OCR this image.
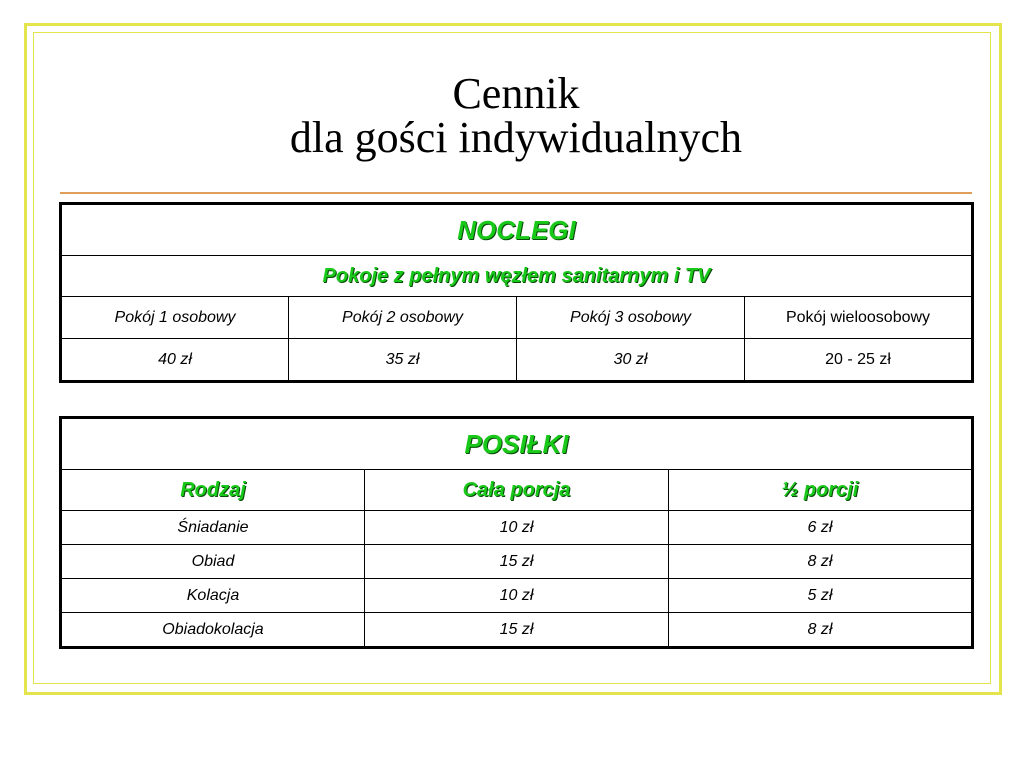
Cennik
dla gości indywidualnych
NOCLEGI			
Pokoje z pełnym węzłem sanitarnym i TV			
Pokój 1 osobowy	Pokój 2 osobowy	Pokój 3 osobowy	Pokój wieloosobowy
40 zł	35 zł	30 zł	20 - 25 zł
POSIŁKI		
Rodzaj	Cała porcja	½ porcji
Śniadanie	10 zł	6 zł
Obiad	15 zł	8 zł
Kolacja	10 zł	5 zł
Obiadokolacja	15 zł	8 zł
